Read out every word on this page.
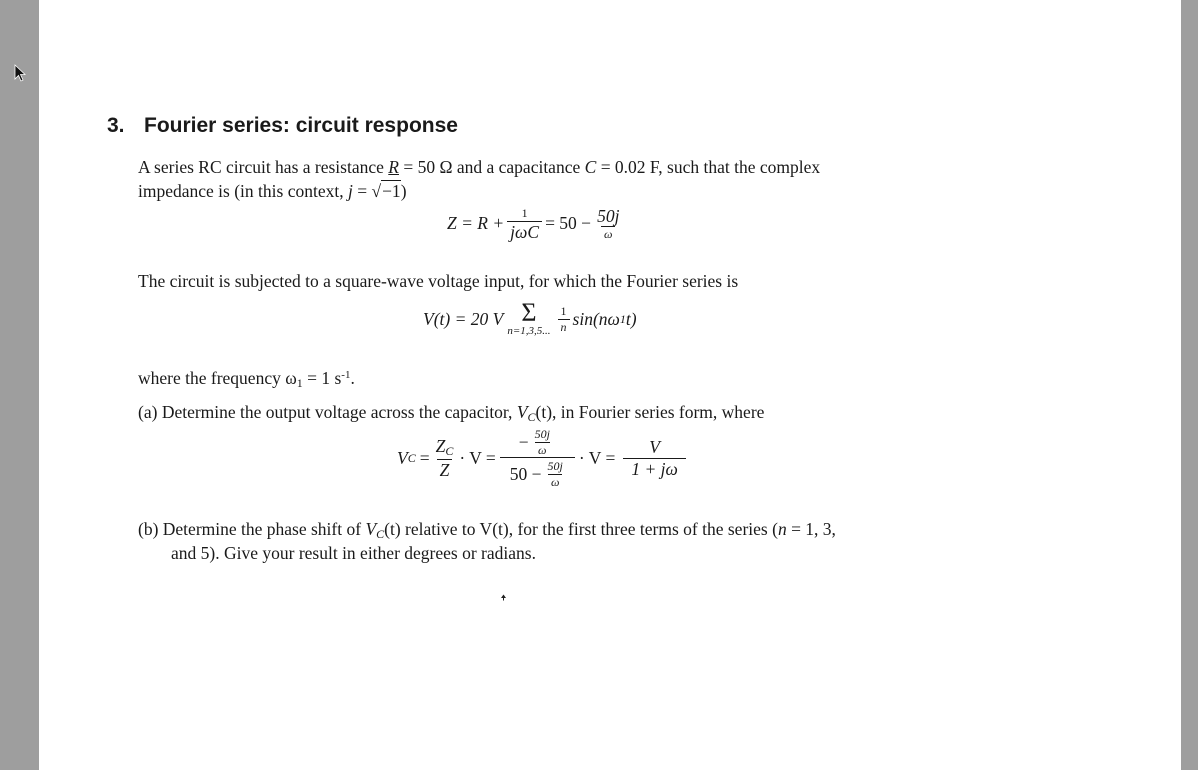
3. Fourier series: circuit response
A series RC circuit has a resistance R = 50 Ω and a capacitance C = 0.02 F, such that the complex
impedance is (in this context, j = √−1)
$Z = R + \frac{1}{\text{jωC}} = 50 - \frac{50j}{\omega}$
The circuit is subjected to a square-wave voltage input, for which the Fourier series is
V(t) = 20 V Σ
n=1,3,5... $\frac{1}{n} \sin(n\omega$ 1 t)
where the frequency $\omega_1 = 1$ $s^{-1}$.
(a) Determine the output voltage across the capacitor, $V_C(t)$, in Fourier series form, where
V $C = \frac{Z_C}{Z} \cdot V = \frac{- \frac{50j}{\omega}}{50 - \frac{50j}{\omega}} \cdot V = \frac{V}{1 + j\omega}$
(b) Determine the phase shift of $V_C(t)$ relative to V(t), for the first three terms of the series (n = 1, 3,
and 5). Give your result in either degrees or radians.
